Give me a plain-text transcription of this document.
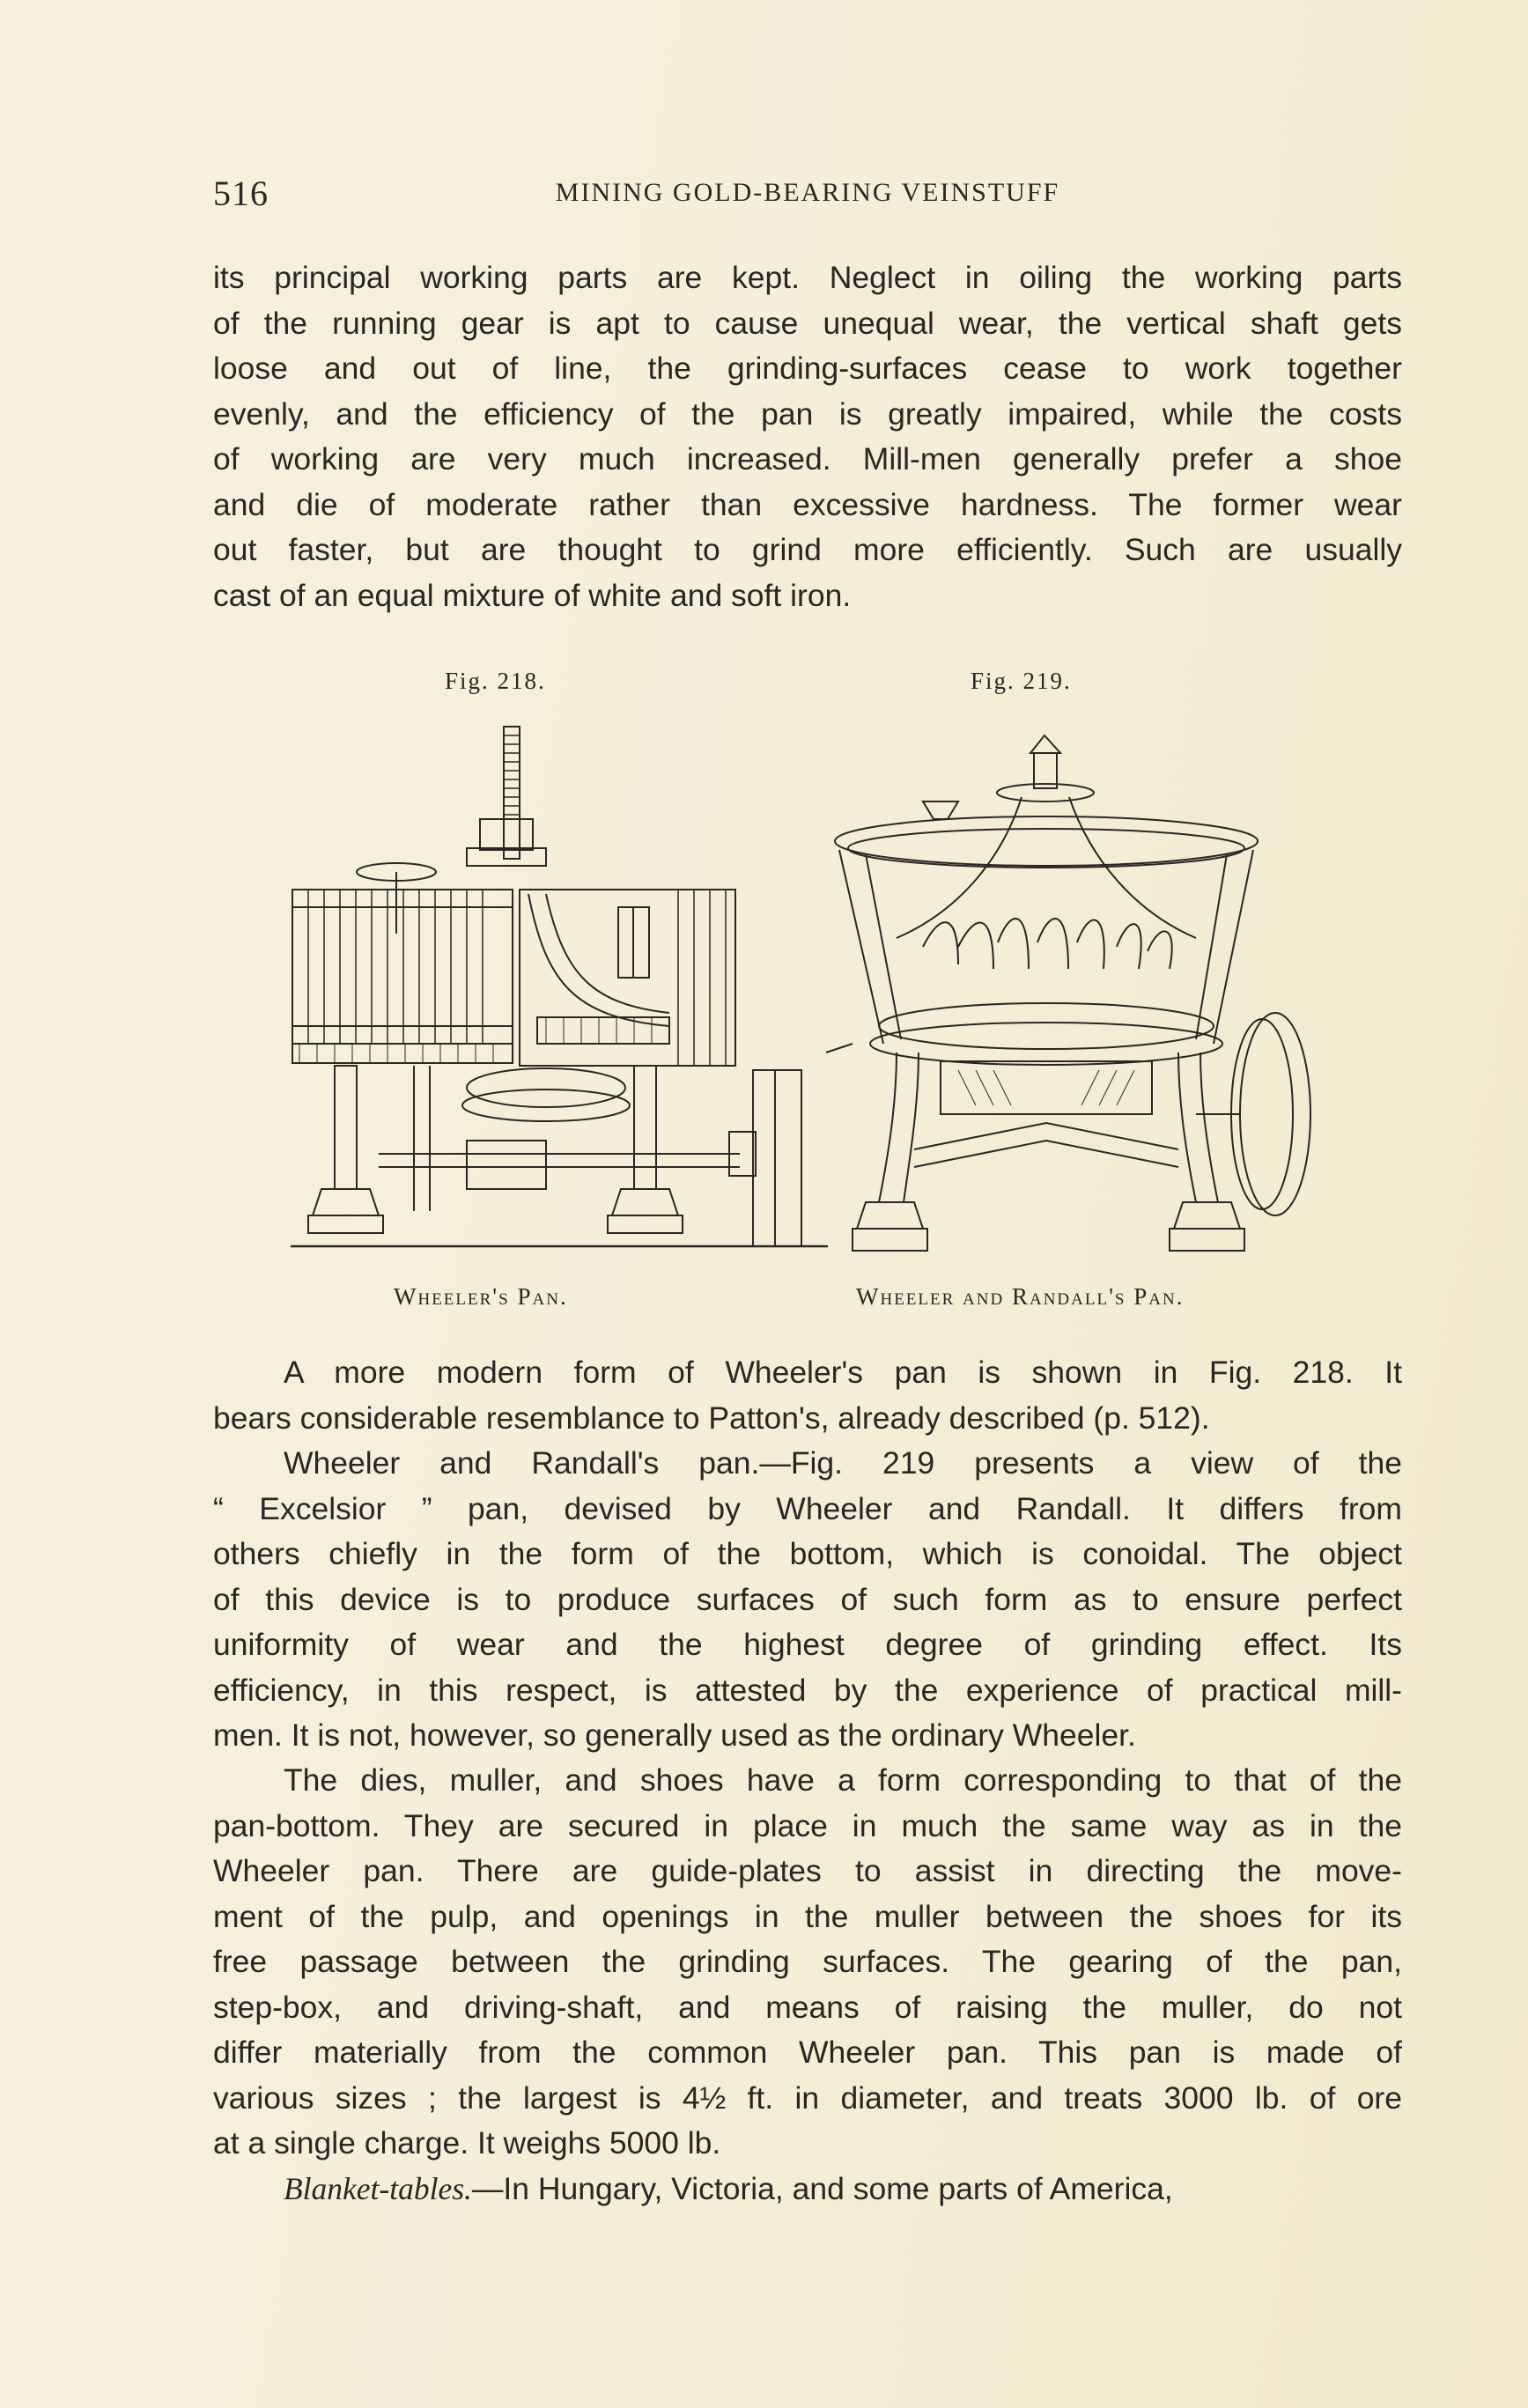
516	MINING GOLD-BEARING VEINSTUFF

its principal working parts are kept. Neglect in oiling the working parts
of the running gear is apt to cause unequal wear, the vertical shaft gets
loose and out of line, the grinding-surfaces cease to work together
evenly, and the efficiency of the pan is greatly impaired, while the costs
of working are very much increased. Mill-men generally prefer a shoe
and die of moderate rather than excessive hardness. The former wear
out faster, but are thought to grind more efficiently. Such are usually
cast of an equal mixture of white and soft iron.

Fig. 218.	Fig. 219.
Wheeler's Pan.	Wheeler and Randall's Pan.

A more modern form of Wheeler's pan is shown in Fig. 218. It
bears considerable resemblance to Patton's, already described (p. 512).

Wheeler and Randall's pan.—Fig. 219 presents a view of the
“ Excelsior ” pan, devised by Wheeler and Randall. It differs from
others chiefly in the form of the bottom, which is conoidal. The object
of this device is to produce surfaces of such form as to ensure perfect
uniformity of wear and the highest degree of grinding effect. Its
efficiency, in this respect, is attested by the experience of practical mill-
men. It is not, however, so generally used as the ordinary Wheeler.

The dies, muller, and shoes have a form corresponding to that of the
pan-bottom. They are secured in place in much the same way as in the
Wheeler pan. There are guide-plates to assist in directing the move-
ment of the pulp, and openings in the muller between the shoes for its
free passage between the grinding surfaces. The gearing of the pan,
step-box, and driving-shaft, and means of raising the muller, do not
differ materially from the common Wheeler pan. This pan is made of
various sizes ; the largest is 4½ ft. in diameter, and treats 3000 lb. of ore
at a single charge. It weighs 5000 lb.

Blanket-tables.—In Hungary, Victoria, and some parts of America,
